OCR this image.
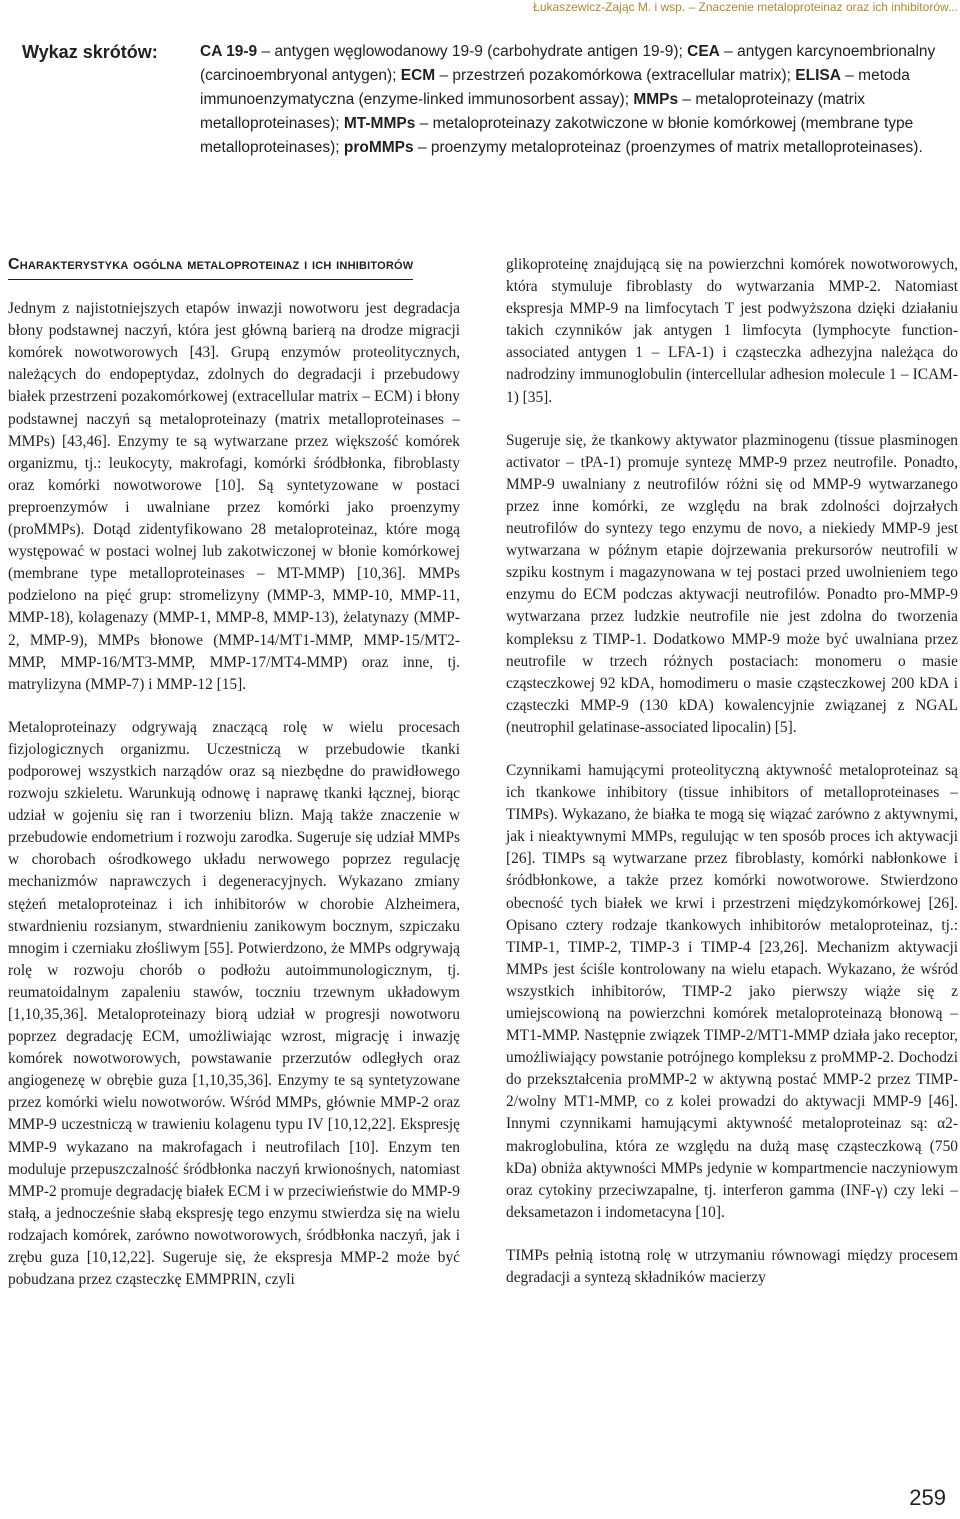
Łukaszewicz-Zając M. i wsp. – Znaczenie metaloproteinaz oraz ich inhibitorów...
Wykaz skrótów:	CA 19-9 – antygen węglowodanowy 19-9 (carbohydrate antigen 19-9); CEA – antygen karcynoembrionalny (carcinoembryonal antygen); ECM – przestrzeń pozakomórkowa (extracellular matrix); ELISA – metoda immunoenzymatyczna (enzyme-linked immunosorbent assay); MMPs – metaloproteinazy (matrix metalloproteinases); MT-MMPs – metaloproteinazy zakotwiczone w błonie komórkowej (membrane type metalloproteinases); proMMPs – proenzymy metaloproteinaz (proenzymes of matrix metalloproteinases).
Charakterystyka ogólna metaloproteinaz i ich inhibitorów

Jednym z najistotniejszych etapów inwazji nowotworu jest degradacja błony podstawnej naczyń, która jest główną barierą na drodze migracji komórek nowotworowych [43]. Grupą enzymów proteolitycznych, należących do endopeptydaz, zdolnych do degradacji i przebudowy białek przestrzeni pozakomórkowej (extracellular matrix – ECM) i błony podstawnej naczyń są metaloproteinazy (matrix metalloproteinases – MMPs) [43,46]. Enzymy te są wytwarzane przez większość komórek organizmu, tj.: leukocyty, makrofagi, komórki śródbłonka, fibroblasty oraz komórki nowotworowe [10]. Są syntetyzowane w postaci preproenzymów i uwalniane przez komórki jako proenzymy (proMMPs). Dotąd zidentyfikowano 28 metaloproteinaz, które mogą występować w postaci wolnej lub zakotwiczonej w błonie komórkowej (membrane type metalloproteinases – MT-MMP) [10,36]. MMPs podzielono na pięć grup: stromelizyny (MMP-3, MMP-10, MMP-11, MMP-18), kolagenazy (MMP-1, MMP-8, MMP-13), żelatynazy (MMP-2, MMP-9), MMPs błonowe (MMP-14/MT1-MMP, MMP-15/MT2-MMP, MMP-16/MT3-MMP, MMP-17/MT4-MMP) oraz inne, tj. matrylizyna (MMP-7) i MMP-12 [15].

Metaloproteinazy odgrywają znaczącą rolę w wielu procesach fizjologicznych organizmu. Uczestniczą w przebudowie tkanki podporowej wszystkich narządów oraz są niezbędne do prawidłowego rozwoju szkieletu. Warunkują odnowę i naprawę tkanki łącznej, biorąc udział w gojeniu się ran i tworzeniu blizn. Mają także znaczenie w przebudowie endometrium i rozwoju zarodka. Sugeruje się udział MMPs w chorobach ośrodkowego układu nerwowego poprzez regulację mechanizmów naprawczych i degeneracyjnych. Wykazano zmiany stężeń metaloproteinaz i ich inhibitorów w chorobie Alzheimera, stwardnieniu rozsianym, stwardnieniu zanikowym bocznym, szpiczaku mnogim i czerniaku złośliwym [55]. Potwierdzono, że MMPs odgrywają rolę w rozwoju chorób o podłożu autoimmunologicznym, tj. reumatoidalnym zapaleniu stawów, toczniu trzewnym układowym [1,10,35,36]. Metaloproteinazy biorą udział w progresji nowotworu poprzez degradację ECM, umożliwiając wzrost, migrację i inwazję komórek nowotworowych, powstawanie przerzutów odległych oraz angiogenezę w obrębie guza [1,10,35,36]. Enzymy te są syntetyzowane przez komórki wielu nowotworów. Wśród MMPs, głównie MMP-2 oraz MMP-9 uczestniczą w trawieniu kolagenu typu IV [10,12,22]. Ekspresję MMP-9 wykazano na makrofagach i neutrofilach [10]. Enzym ten moduluje przepuszczalność śródbłonka naczyń krwionośnych, natomiast MMP-2 promuje degradację białek ECM i w przeciwieństwie do MMP-9 stałą, a jednocześnie słabą ekspresję tego enzymu stwierdza się na wielu rodzajach komórek, zarówno nowotworowych, śródbłonka naczyń, jak i zrębu guza [10,12,22]. Sugeruje się, że ekspresja MMP-2 może być pobudzana przez cząsteczkę EMMPRIN, czyli

glikoproteinę znajdującą się na powierzchni komórek nowotworowych, która stymuluje fibroblasty do wytwarzania MMP-2. Natomiast ekspresja MMP-9 na limfocytach T jest podwyższona dzięki działaniu takich czynników jak antygen 1 limfocyta (lymphocyte function-associated antygen 1 – LFA-1) i cząsteczka adhezyjna należąca do nadrodziny immunoglobulin (intercellular adhesion molecule 1 – ICAM-1) [35].

Sugeruje się, że tkankowy aktywator plazminogenu (tissue plasminogen activator – tPA-1) promuje syntezę MMP-9 przez neutrofile. Ponadto, MMP-9 uwalniany z neutrofilów różni się od MMP-9 wytwarzanego przez inne komórki, ze względu na brak zdolności dojrzałych neutrofilów do syntezy tego enzymu de novo, a niekiedy MMP-9 jest wytwarzana w późnym etapie dojrzewania prekursorów neutrofili w szpiku kostnym i magazynowana w tej postaci przed uwolnieniem tego enzymu do ECM podczas aktywacji neutrofilów. Ponadto pro-MMP-9 wytwarzana przez ludzkie neutrofile nie jest zdolna do tworzenia kompleksu z TIMP-1. Dodatkowo MMP-9 może być uwalniana przez neutrofile w trzech różnych postaciach: monomeru o masie cząsteczkowej 92 kDA, homodimeru o masie cząsteczkowej 200 kDA i cząsteczki MMP-9 (130 kDA) kowalencyjnie związanej z NGAL (neutrophil gelatinase-associated lipocalin) [5].

Czynnikami hamującymi proteolityczną aktywność metaloproteinaz są ich tkankowe inhibitory (tissue inhibitors of metalloproteinases – TIMPs). Wykazano, że białka te mogą się wiązać zarówno z aktywnymi, jak i nieaktywnymi MMPs, regulując w ten sposób proces ich aktywacji [26]. TIMPs są wytwarzane przez fibroblasty, komórki nabłonkowe i śródbłonkowe, a także przez komórki nowotworowe. Stwierdzono obecność tych białek we krwi i przestrzeni międzykomórkowej [26]. Opisano cztery rodzaje tkankowych inhibitorów metaloproteinaz, tj.: TIMP-1, TIMP-2, TIMP-3 i TIMP-4 [23,26]. Mechanizm aktywacji MMPs jest ściśle kontrolowany na wielu etapach. Wykazano, że wśród wszystkich inhibitorów, TIMP-2 jako pierwszy wiąże się z umiejscowioną na powierzchni komórek metaloproteinazą błonową – MT1-MMP. Następnie związek TIMP-2/MT1-MMP działa jako receptor, umożliwiający powstanie potrójnego kompleksu z proMMP-2. Dochodzi do przekształcenia proMMP-2 w aktywną postać MMP-2 przez TIMP-2/wolny MT1-MMP, co z kolei prowadzi do aktywacji MMP-9 [46]. Innymi czynnikami hamującymi aktywność metaloproteinaz są: α2-makroglobulina, która ze względu na dużą masę cząsteczkową (750 kDa) obniża aktywności MMPs jedynie w kompartmencie naczyniowym oraz cytokiny przeciwzapalne, tj. interferon gamma (INF-γ) czy leki – deksametazon i indometacyna [10].

TIMPs pełnią istotną rolę w utrzymaniu równowagi między procesem degradacji a syntezą składników macierzy

259
